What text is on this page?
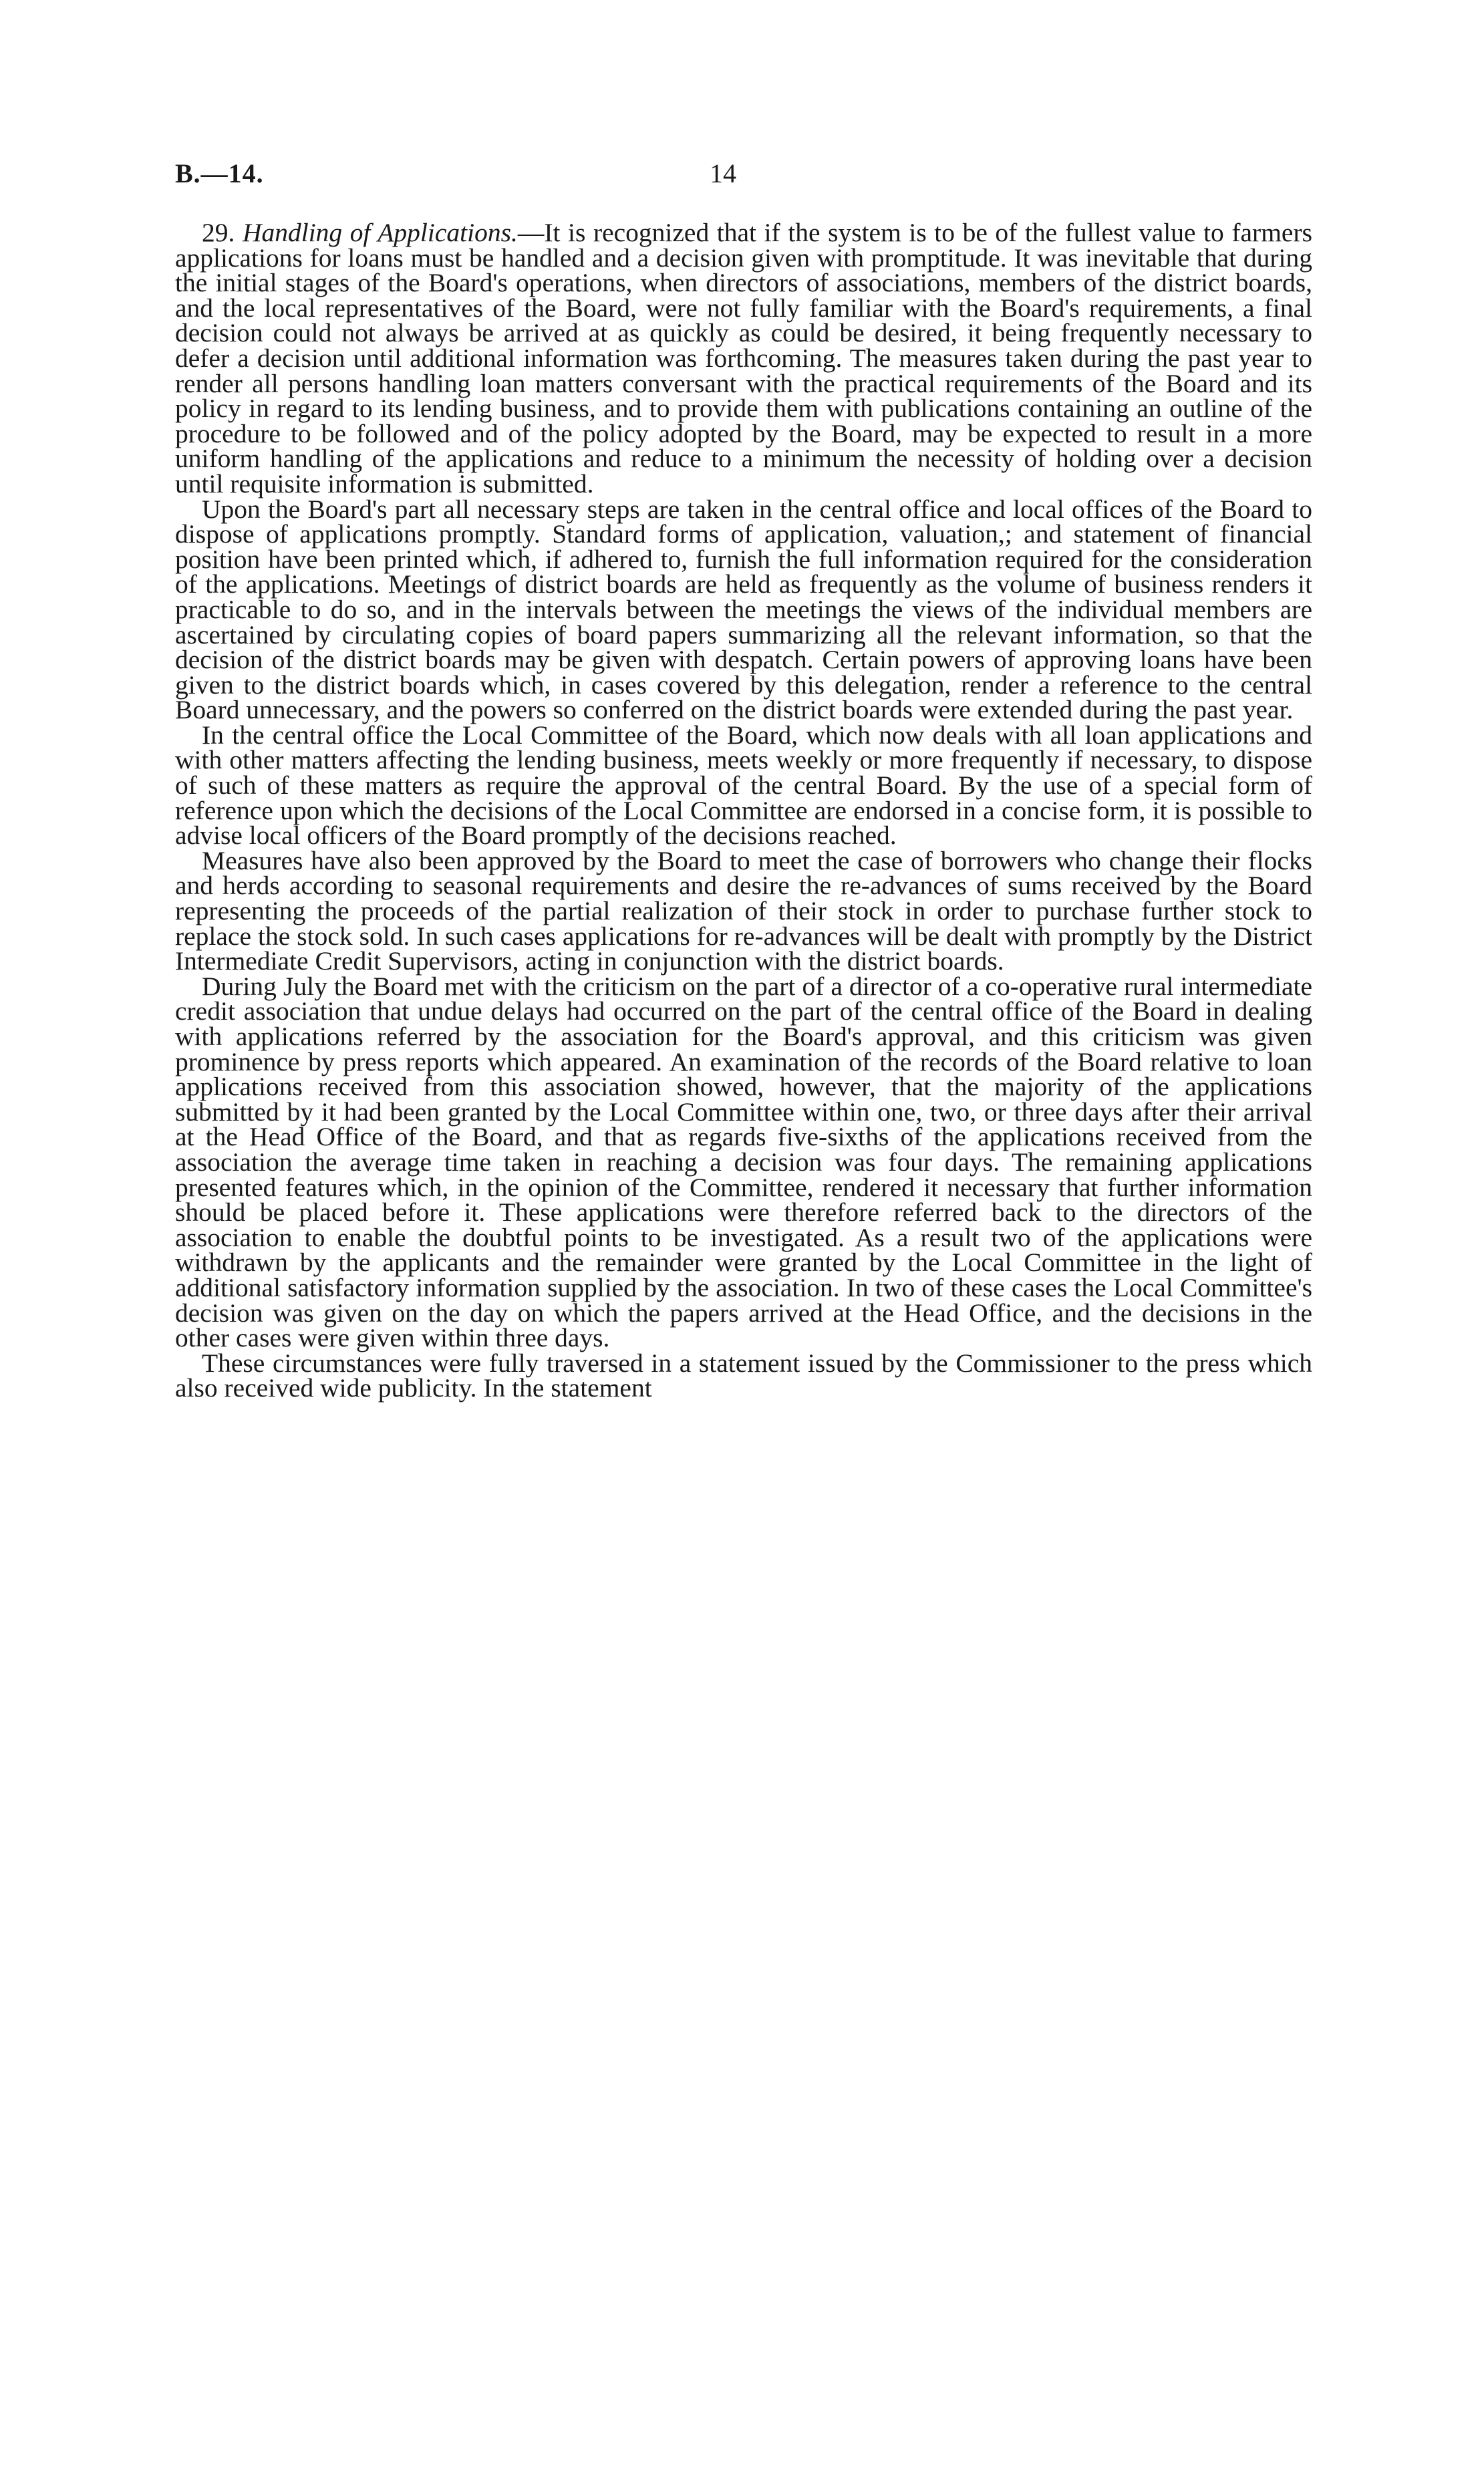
B.—14.	14

29. Handling of Applications.—It is recognized that if the system is to be of the fullest value to farmers applications for loans must be handled and a decision given with promptitude. It was inevitable that during the initial stages of the Board's operations, when directors of associations, members of the district boards, and the local representatives of the Board, were not fully familiar with the Board's requirements, a final decision could not always be arrived at as quickly as could be desired, it being frequently necessary to defer a decision until additional information was forthcoming. The measures taken during the past year to render all persons handling loan matters conversant with the practical requirements of the Board and its policy in regard to its lending business, and to provide them with publications containing an outline of the procedure to be followed and of the policy adopted by the Board, may be expected to result in a more uniform handling of the applications and reduce to a minimum the necessity of holding over a decision until requisite information is submitted.

Upon the Board's part all necessary steps are taken in the central office and local offices of the Board to dispose of applications promptly. Standard forms of application, valuation,; and statement of financial position have been printed which, if adhered to, furnish the full information required for the consideration of the applications. Meetings of district boards are held as frequently as the volume of business renders it practicable to do so, and in the intervals between the meetings the views of the individual members are ascertained by circulating copies of board papers summarizing all the relevant information, so that the decision of the district boards may be given with despatch. Certain powers of approving loans have been given to the district boards which, in cases covered by this delegation, render a reference to the central Board unnecessary, and the powers so conferred on the district boards were extended during the past year.

In the central office the Local Committee of the Board, which now deals with all loan applications and with other matters affecting the lending business, meets weekly or more frequently if necessary, to dispose of such of these matters as require the approval of the central Board. By the use of a special form of reference upon which the decisions of the Local Committee are endorsed in a concise form, it is possible to advise local officers of the Board promptly of the decisions reached.

Measures have also been approved by the Board to meet the case of borrowers who change their flocks and herds according to seasonal requirements and desire the re-advances of sums received by the Board representing the proceeds of the partial realization of their stock in order to purchase further stock to replace the stock sold. In such cases applications for re-advances will be dealt with promptly by the District Intermediate Credit Supervisors, acting in conjunction with the district boards.

During July the Board met with the criticism on the part of a director of a co-operative rural intermediate credit association that undue delays had occurred on the part of the central office of the Board in dealing with applications referred by the association for the Board's approval, and this criticism was given prominence by press reports which appeared. An examination of the records of the Board relative to loan applications received from this association showed, however, that the majority of the applications submitted by it had been granted by the Local Committee within one, two, or three days after their arrival at the Head Office of the Board, and that as regards five-sixths of the applications received from the association the average time taken in reaching a decision was four days. The remaining applications presented features which, in the opinion of the Committee, rendered it necessary that further information should be placed before it. These applications were therefore referred back to the directors of the association to enable the doubtful points to be investigated. As a result two of the applications were withdrawn by the applicants and the remainder were granted by the Local Committee in the light of additional satisfactory information supplied by the association. In two of these cases the Local Committee's decision was given on the day on which the papers arrived at the Head Office, and the decisions in the other cases were given within three days.

These circumstances were fully traversed in a statement issued by the Commissioner to the press which also received wide publicity. In the statement
